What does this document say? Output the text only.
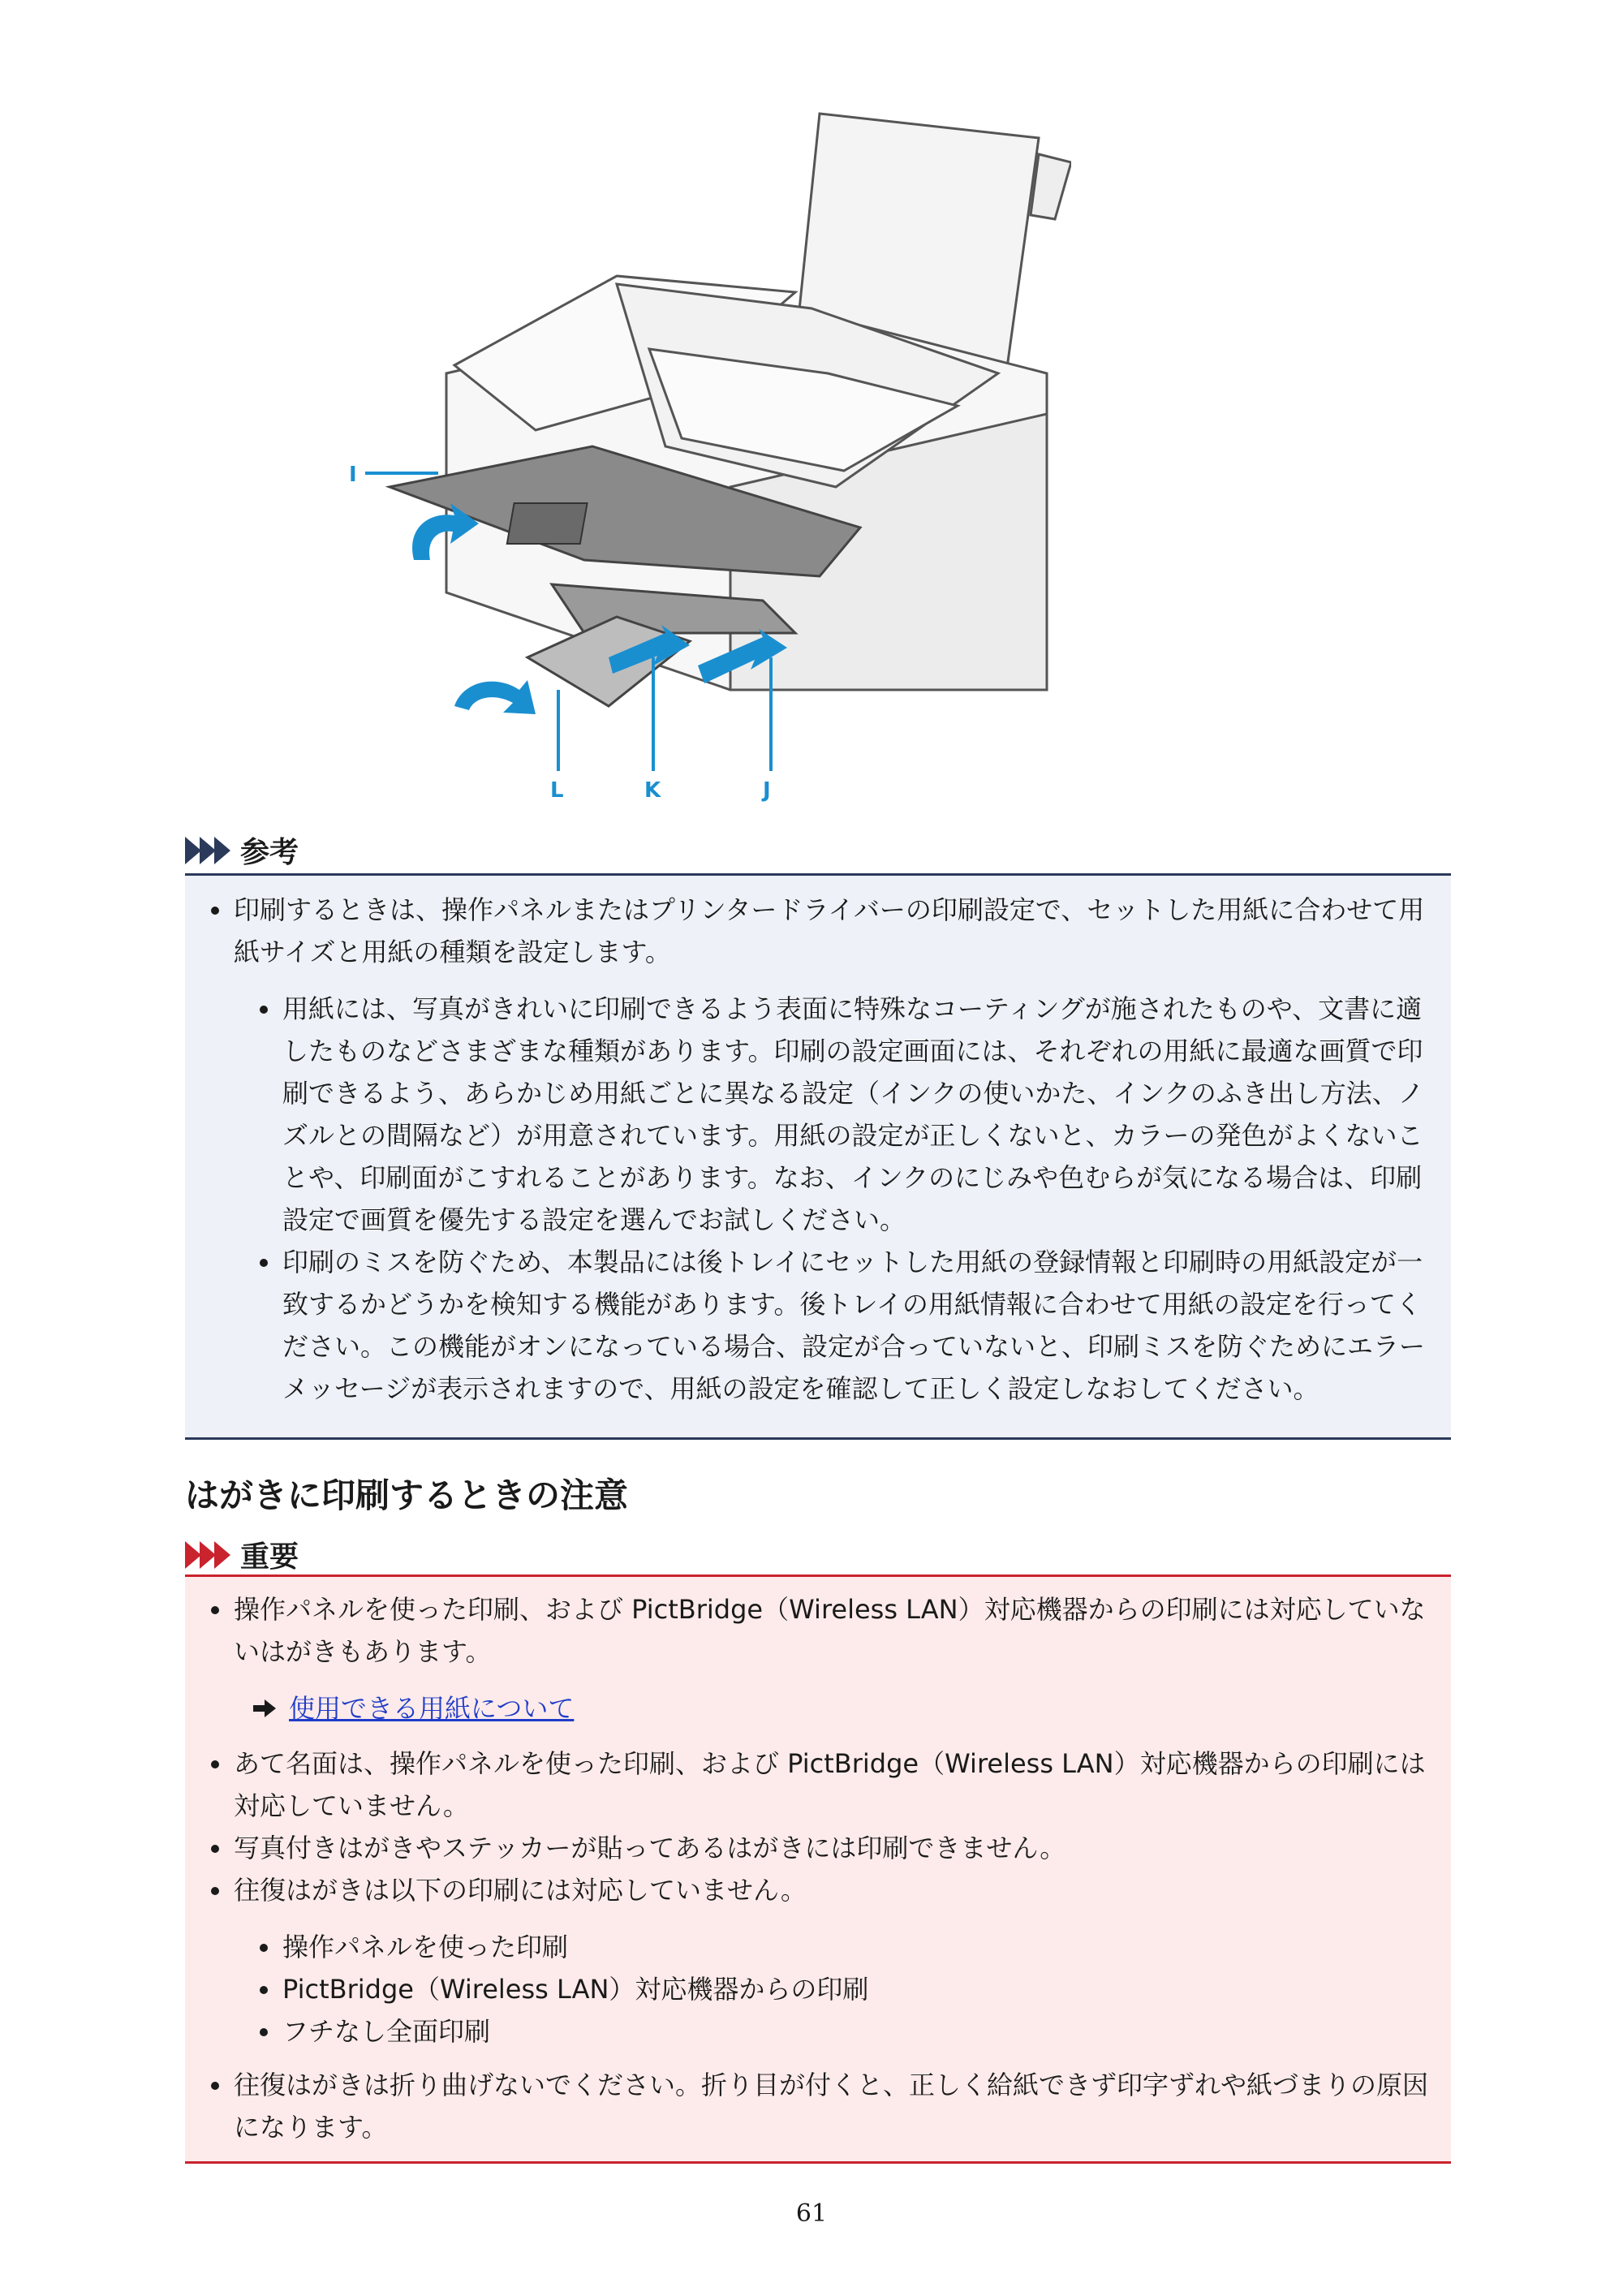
I
L	K	J
参考
印刷するときは、操作パネルまたはプリンタードライバーの印刷設定で、セットした用紙に合わせて用紙サイズと用紙の種類を設定します。
用紙には、写真がきれいに印刷できるよう表面に特殊なコーティングが施されたものや、文書に適したものなどさまざまな種類があります。印刷の設定画面には、それぞれの用紙に最適な画質で印刷できるよう、あらかじめ用紙ごとに異なる設定（インクの使いかた、インクのふき出し方法、ノズルとの間隔など）が用意されています。用紙の設定が正しくないと、カラーの発色がよくないことや、印刷面がこすれることがあります。なお、インクのにじみや色むらが気になる場合は、印刷設定で画質を優先する設定を選んでお試しください。
印刷のミスを防ぐため、本製品には後トレイにセットした用紙の登録情報と印刷時の用紙設定が一致するかどうかを検知する機能があります。後トレイの用紙情報に合わせて用紙の設定を行ってください。この機能がオンになっている場合、設定が合っていないと、印刷ミスを防ぐためにエラーメッセージが表示されますので、用紙の設定を確認して正しく設定しなおしてください。
はがきに印刷するときの注意
重要
操作パネルを使った印刷、および PictBridge（Wireless LAN）対応機器からの印刷には対応していないはがきもあります。
使用できる用紙について
あて名面は、操作パネルを使った印刷、および PictBridge（Wireless LAN）対応機器からの印刷には対応していません。
写真付きはがきやステッカーが貼ってあるはがきには印刷できません。
往復はがきは以下の印刷には対応していません。
操作パネルを使った印刷
PictBridge（Wireless LAN）対応機器からの印刷
フチなし全面印刷
往復はがきは折り曲げないでください。折り目が付くと、正しく給紙できず印字ずれや紙づまりの原因になります。
61
